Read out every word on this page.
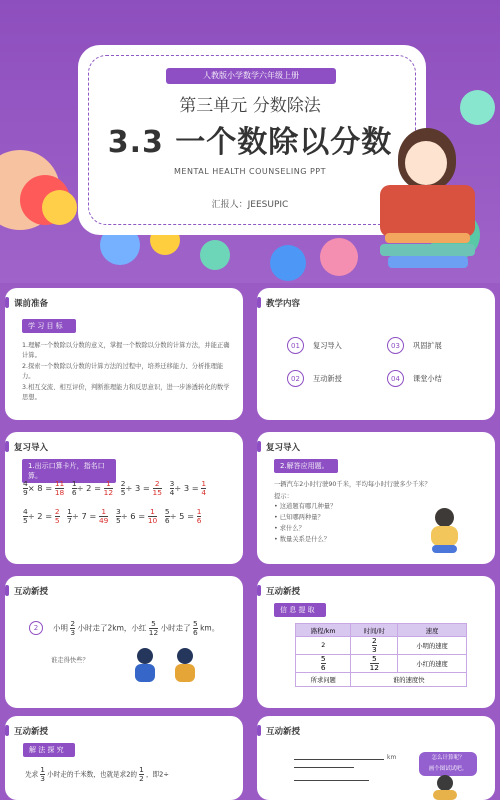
人教版小学数学六年级上册
第三单元 分数除法
3.3 一个数除以分数
MENTAL HEALTH COUNSELING PPT
汇报人：JEESUPIC
课前准备
学 习 目 标
1.理解一个数除以分数的意义，掌握一个数除以分数的计算方法，并能正确计算。
2.探索一个数除以分数的计算方法的过程中，培养迁移能力、分析推理能力。
3.相互交流、相互评价，判断推理能力和反思意识，进一步渗透转化的数学思想。
教学内容
01	复习导入	03	巩固扩展
02	互动新授	04	课堂小结
复习导入
1.出示口算卡片，指名口算。
$\frac{4}{9} \times 8 = \frac{11}{18}$
$\frac{1}{6} \div 2 = \frac{1}{12}$
$\frac{2}{5} \div 3 = \frac{2}{15}$
$\frac{3}{4} \div 3 = \frac{1}{4}$
$\frac{4}{5} \div 2 = \frac{2}{5}$
$\frac{1}{7} \div 7 = \frac{1}{49}$
$\frac{3}{5} \div 6 = \frac{1}{10}$
$\frac{5}{6} \div 5 = \frac{1}{6}$
复习导入
2.解答应用题。
一辆汽车2小时行驶90千米，平均每小时行驶多少千米？
提示：
• 这道题有哪几种量？
• 已知哪两种量？
• 求什么？
• 数量关系是什么？
互动新授
2	小明 $\frac{2}{3}$ 小时走了2km，小红 $\frac{5}{12}$ 小时走了 $\frac{5}{6}$ km。
谁走得快些？
互动新授
信 息 提 取
路程/km	时间/时	速度
2	$\frac{2}{3}$	小明的速度

$\frac{5}{6}$	$\frac{5}{12}$	小红的速度
所求问题	谁的速度快	
互动新授
解 法 探 究
先求 $\frac{1}{3}$ 小时走的千米数，也就是求2的 $\frac{1}{2}$ ，即2÷
互动新授
km	怎么计算呢？
画个图试试吧。
